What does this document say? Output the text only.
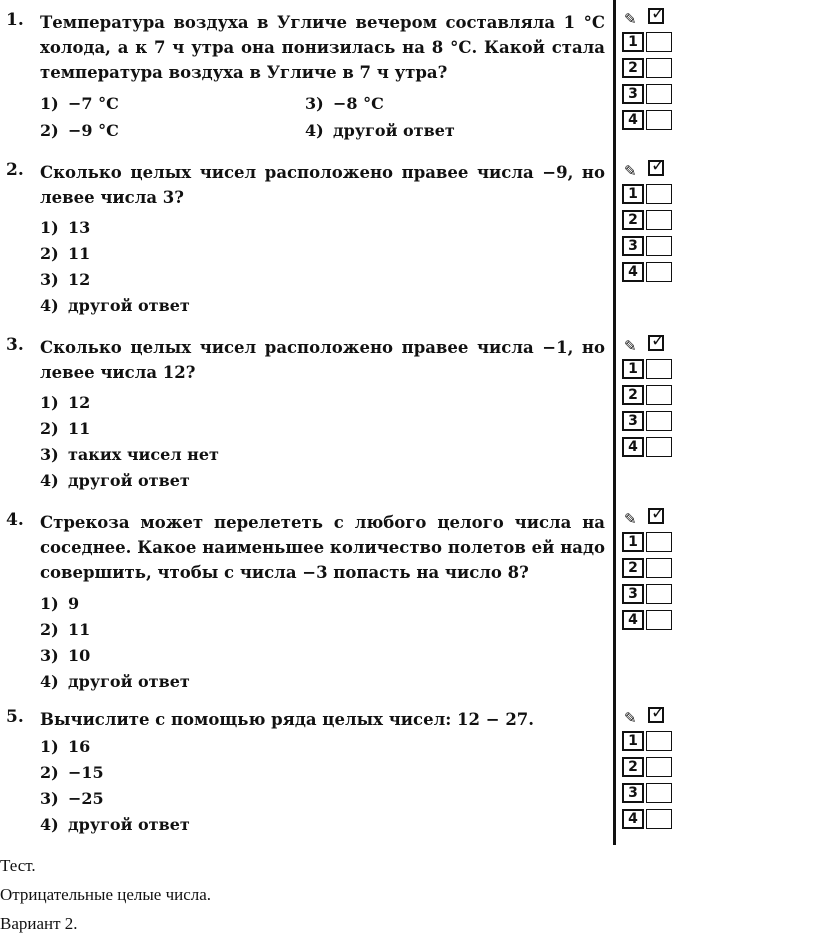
1. Температура воздуха в Угличе вечером составляла 1 °С холода, а к 7 ч утра она понизилась на 8 °С. Какой стала температура воздуха в Угличе в 7 ч утра?
1) −7 °С	3) −8 °С
2) −9 °С	4) другой ответ
2. Сколько целых чисел расположено правее числа −9, но левее числа 3?
1) 13
2) 11
3) 12
4) другой ответ
3. Сколько целых чисел расположено правее числа −1, но левее числа 12?
1) 12
2) 11
3) таких чисел нет
4) другой ответ
4. Стрекоза может перелететь с любого целого числа на соседнее. Какое наименьшее количество полетов ей надо совершить, чтобы с числа −3 попасть на число 8?
1) 9
2) 11
3) 10
4) другой ответ
5. Вычислите с помощью ряда целых чисел: 12 − 27.
1) 16
2) −15
3) −25
4) другой ответ
✎ ✓
1
2
3
4
✎ ✓
1
2
3
4
✎ ✓
1
2
3
4
✎ ✓
1
2
3
4
✎ ✓
1
2
3
4
Тест.
Отрицательные целые числа.
Вариант 2.
